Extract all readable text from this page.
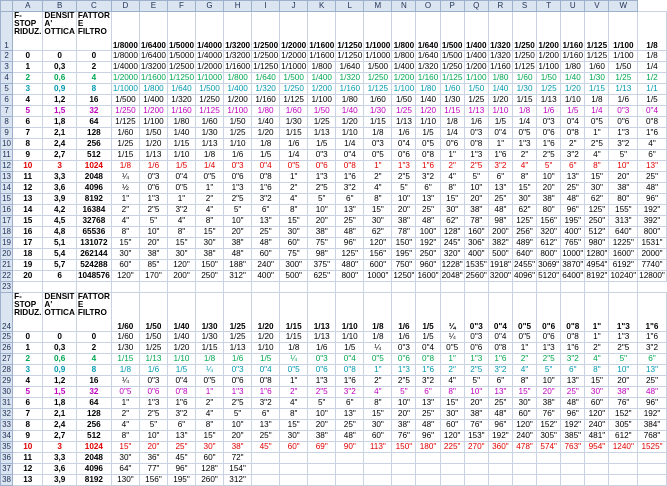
	A	B	C	D	E	F	G	H	I	J	K	L	M	N	O	P	Q	R	S	T	U	V	W	
1	F-STOP RIDUZ.	DENSIT A' OTTICA	FATTOR E FILTRO	1/8000	1/6400	1/5000	1/4000	1/3200	1/2500	1/2000	1/1600	1/1250	1/1000	1/800	1/640	1/500	1/400	1/320	1/250	1/200	1/160	1/125	1/100	1/8
2	0	0	0	1/8000	1/6400	1/5000	1/4000	1/3200	1/2500	1/2000	1/1600	1/1250	1/1000	1/800	1/640	1/500	1/400	1/320	1/250	1/200	1/160	1/125	1/100	1/8
3	1	0,3	2	1/4000	1/3200	1/2500	1/2000	1/1600	1/1250	1/1000	1/800	1/640	1/500	1/400	1/320	1/250	1/200	1/160	1/125	1/100	1/80	1/60	1/50	1/4
4	2	0,6	4	1/2000	1/1600	1/1250	1/1000	1/800	1/640	1/500	1/400	1/320	1/250	1/200	1/160	1/125	1/100	1/80	1/60	1/50	1/40	1/30	1/25	1/2
5	3	0,9	8	1/1000	1/800	1/640	1/500	1/400	1/320	1/250	1/200	1/160	1/125	1/100	1/80	1/60	1/50	1/40	1/30	1/25	1/20	1/15	1/13	1/1
6	4	1,2	16	1/500	1/400	1/320	1/250	1/200	1/160	1/125	1/100	1/80	1/60	1/50	1/40	1/30	1/25	1/20	1/15	1/13	1/10	1/8	1/6	1/5
7	5	1,5	32	1/250	1/200	1/160	1/125	1/100	1/80	1/60	1/50	1/40	1/30	1/25	1/20	1/15	1/13	1/10	1/8	1/6	1/5	1/4	0"3	0"4
8	6	1,8	64	1/125	1/100	1/80	1/60	1/50	1/40	1/30	1/25	1/20	1/15	1/13	1/10	1/8	1/6	1/5	1/4	0"3	0"4	0"5	0"6	0"8
9	7	2,1	128	1/60	1/50	1/40	1/30	1/25	1/20	1/15	1/13	1/10	1/8	1/6	1/5	1/4	0"3	0"4	0"5	0"6	0"8	1"	1"3	1"6
10	8	2,4	256	1/25	1/20	1/15	1/13	1/10	1/8	1/6	1/5	1/4	0"3	0"4	0"5	0"6	0"8	1"	1"3	1"6	2"	2"5	3"2	4"
11	9	2,7	512	1/15	1/13	1/10	1/8	1/6	1/5	1/4	0"3	0"4	0"5	0"6	0"8	1"	1"3	1"6	2"	2"5	3"2	4"	5"	6"
12	10	3	1024	1/8	1/6	1/5	1/4	0"3	0"4	0"5	0"6	0"8	1"	1"3	1"6	2"	2"5	3"2	4"	5"	6"	8"	10"	13"
13	11	3,3	2048	¼	0"3	0"4	0"5	0"6	0"8	1"	1"3	1"6	2"	2"5	3"2	4"	5"	6"	8"	10"	13"	15"	20"	25"
14	12	3,6	4096	½	0"6	0"5	1"	1"3	1"6	2"	2"5	3"2	4"	5"	6"	8"	10"	13"	15"	20"	25"	30"	38"	48"
15	13	3,9	8192	1"	1"3	1"	2"	2"5	3"2	4"	5"	6"	8"	10"	13"	15"	20"	25"	30"	38"	48"	62"	80"	96"
16	14	4,2	16384	2"	2"5	3"2	4"	5"	6"	8"	10"	13"	15"	20"	25"	30"	38"	48"	62"	80"	96"	125"	155"	192"
17	15	4,5	32768	4"	5"	4"	8"	10"	13"	15"	20"	25"	30"	38"	48"	62"	78"	98"	125"	156"	195"	250"	313"	392"
18	16	4,8	65536	8"	10"	8"	15"	20"	25"	30"	38"	48"	62"	78"	100"	128"	160"	200"	256"	320"	400"	512"	640"	800"
19	17	5,1	131072	15"	20"	15"	30"	38"	48"	60"	75"	96"	120"	150"	192"	245"	306"	382"	489"	612"	765"	980"	1225"	1531"
20	18	5,4	262144	30"	38"	30"	38"	48"	60"	75"	98"	125"	156"	195"	250"	320"	400"	500"	640"	800"	1000"	1280"	1600"	2000"
21	19	5,7	524288	60"	85"	120"	150"	188"	240"	300"	375"	480"	600"	750"	960"	1228"	1535"	1918"	2455"	3069"	3870"	4954"	6192"	7740"
22	20	6	1048576	120"	170"	200"	250"	312"	400"	500"	625"	800"	1000"	1250"	1600"	2048"	2560"	3200"	4096"	5120"	6400"	8192"	10240"	12800"
23																								
24	F-STOP RIDUZ.	DENSIT A' OTTICA	FATTOR E FILTRO	1/60	1/50	1/40	1/30	1/25	1/20	1/15	1/13	1/10	1/8	1/6	1/5	¼	0"3	0"4	0"5	0"6	0"8	1"	1"3	1"6
25	0	0	0	1/60	1/50	1/40	1/30	1/25	1/20	1/15	1/13	1/10	1/8	1/6	1/5	¼	0"3	0"4	0"5	0"6	0"8	1"	1"3	1"6
26	1	0,3	2	1/30	1/25	1/20	1/15	1/13	1/10	1/8	1/6	1/5	¼	0"3	0"4	0"5	0"6	0"8	1"	1"3	1"6	2"	2"5	3"2
27	2	0,6	4	1/15	1/13	1/10	1/8	1/6	1/5	¼	0"3	0"4	0"5	0"6	0"8	1"	1"3	1"6	2"	2"5	3"2	4"	5"	6"
28	3	0,9	8	1/8	1/6	1/5	¼	0"3	0"4	0"5	0"6	0"8	1"	1"3	1"6	2"	2"5	3"2	4"	5"	6"	8"	10"	13"
29	4	1,2	16	¼	0"3	0"4	0"5	0"6	0"8	1"	1"3	1"6	2"	2"5	3"2	4"	5"	6"	8"	10"	13"	15"	20"	25"
30	5	1,5	32	0"5	0"6	0"8	1"	1"3	1"6	2"	2"5	3"2	4"	5"	6"	8"	10"	13"	15"	20"	25"	30"	38"	48"
31	6	1,8	64	1"	1"3	1"6	2"	2"5	3"2	4"	5"	6"	8"	10"	13"	15"	20"	25"	30"	38"	48"	60"	76"	96"
32	7	2,1	128	2"	2"5	3"2	4"	5"	6"	8"	10"	13"	15"	20"	25"	30"	38"	48"	60"	76"	96"	120"	152"	192"
33	8	2,4	256	4"	5"	6"	8"	10"	13"	15"	20"	25"	30"	38"	48"	60"	76"	96"	120"	152"	192"	240"	305"	384"
34	9	2,7	512	8"	10"	13"	15"	20"	25"	30"	38"	48"	60"	76"	96"	120"	153"	192"	240"	305"	385"	481"	612"	768"
35	10	3	1024	15"	20"	25"	30"	38"	45"	60"	69"	90"	113"	150"	180"	225"	270"	360"	478"	574"	763"	954"	1240"	1525"
36	11	3,3	2048	30"	36"	45"	60"	72"																
37	12	3,6	4096	64"	77"	96"	128"	154"																
38	13	3,9	8192	130"	156"	195"	260"	312"																
